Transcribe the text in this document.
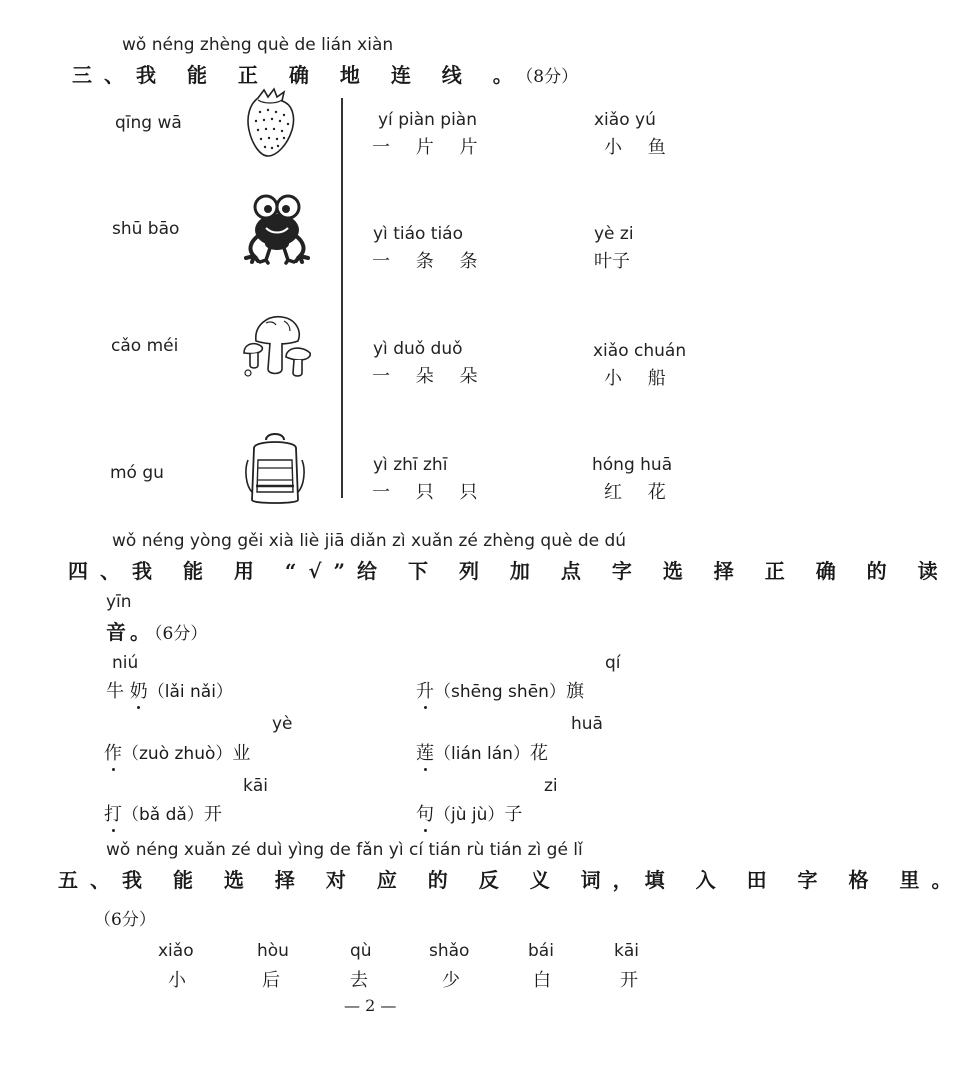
wǒ néng zhèng què de lián xiàn
三、我 能 正 确 地 连 线 。（8分）
qīng wā
shū bāo
cǎo méi
mó gu
yí piàn piàn
一 片 片
yì tiáo tiáo
一 条 条
yì duǒ duǒ
一 朵 朵
yì zhī zhī
一 只 只
xiǎo yú
小 鱼
yè zi
叶子
xiǎo chuán
小 船
hóng huā
红 花
wǒ néng yòng gěi xià liè jiā diǎn zì xuǎn zé zhèng què de dú
四、我 能 用 “√”给 下 列 加 点 字 选 择 正 确 的 读
yīn
音。（6分）
niú
牛 奶（lǎi nǎi）
qí
升（shēng shēn）旗
yè
作（zuò zhuò）业
huā
莲（lián lán）花
kāi
打（bǎ dǎ）开
zi
句（jù jù）子
wǒ néng xuǎn zé duì yìng de fǎn yì cí tián rù tián zì gé lǐ
五、我 能 选 择 对 应 的 反 义 词，填 入 田 字 格 里。
（6分）
xiǎo
小
hòu
后
qù
去
shǎo
少
bái
白
kāi
开
— 2 —
